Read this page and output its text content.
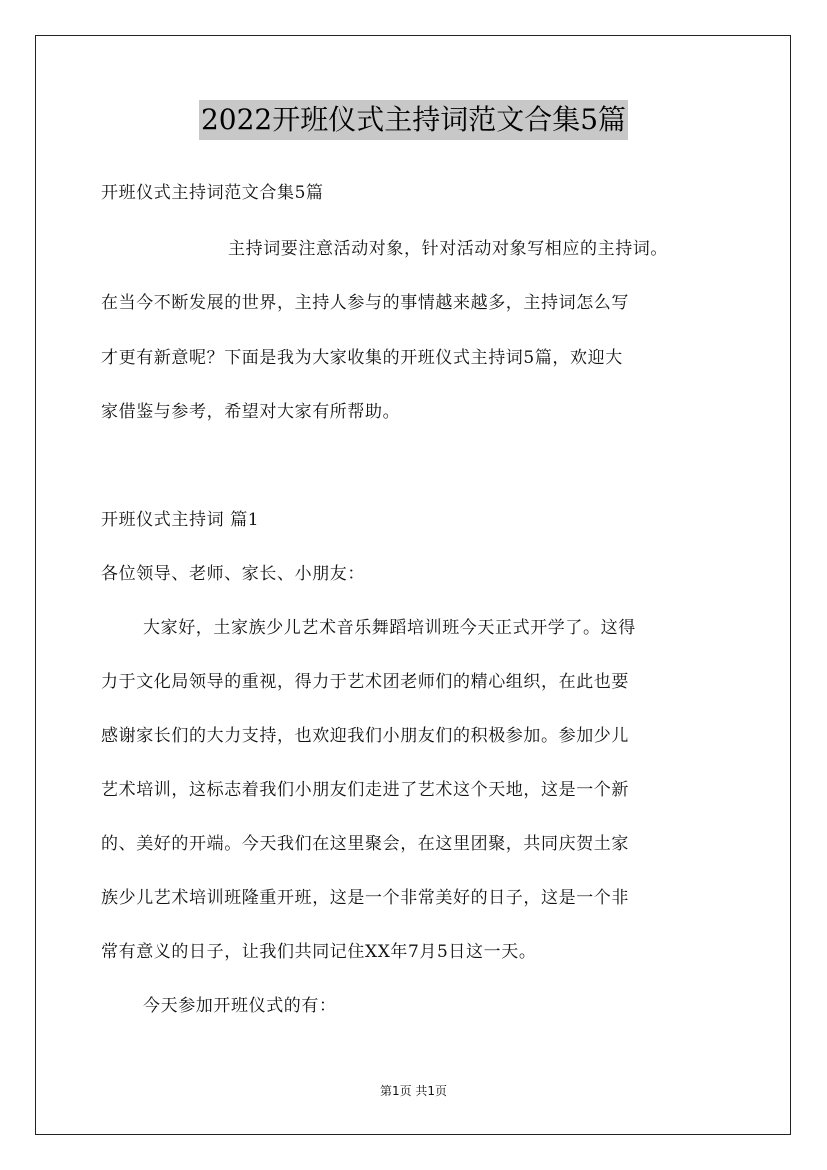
2022开班仪式主持词范文合集5篇
开班仪式主持词范文合集5篇
主持词要注意活动对象，针对活动对象写相应的主持词。
在当今不断发展的世界，主持人参与的事情越来越多，主持词怎么写
才更有新意呢？下面是我为大家收集的开班仪式主持词5篇，欢迎大
家借鉴与参考，希望对大家有所帮助。
开班仪式主持词 篇1
各位领导、老师、家长、小朋友：
大家好，土家族少儿艺术音乐舞蹈培训班今天正式开学了。这得
力于文化局领导的重视，得力于艺术团老师们的精心组织，在此也要
感谢家长们的大力支持，也欢迎我们小朋友们的积极参加。参加少儿
艺术培训，这标志着我们小朋友们走进了艺术这个天地，这是一个新
的、美好的开端。今天我们在这里聚会，在这里团聚，共同庆贺土家
族少儿艺术培训班隆重开班，这是一个非常美好的日子，这是一个非
常有意义的日子，让我们共同记住XX年7月5日这一天。
今天参加开班仪式的有：
第1页 共1页
